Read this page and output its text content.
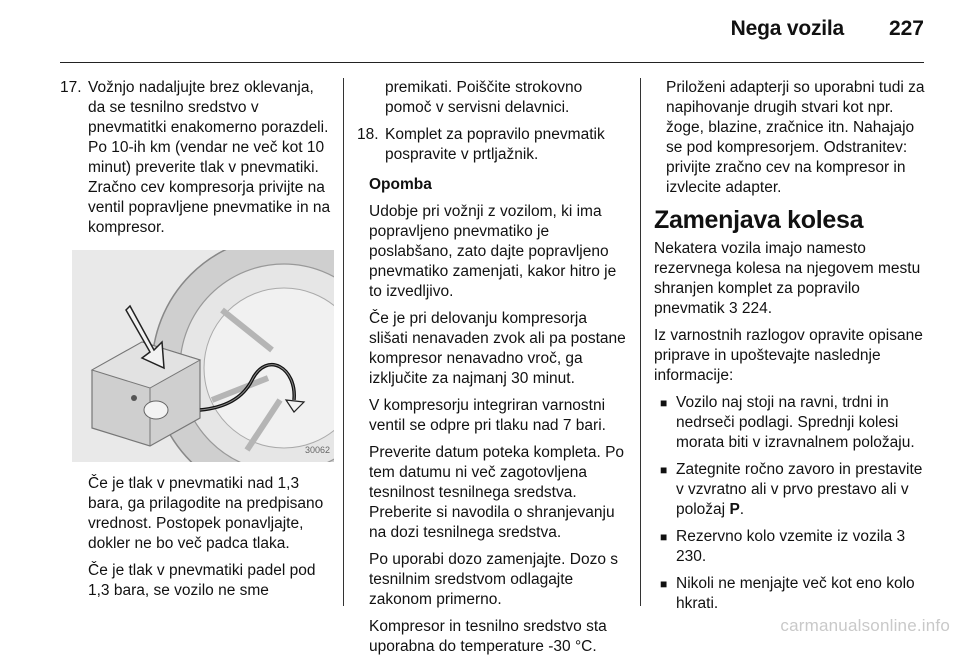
Nega vozila 227
17. Vožnjo nadaljujte brez oklevanja, da se tesnilno sredstvo v pnevmatitki enakomerno porazdeli. Po 10-ih km (vendar ne več kot 10 minut) preverite tlak v pnevmatiki. Zračno cev kompresorja privijte na ventil popravljene pnevmatike in na kompresor.
30062

Če je tlak v pnevmatiki nad 1,3 bara, ga prilagodite na predpisano vrednost. Postopek ponavljajte, dokler ne bo več padca tlaka.

Če je tlak v pnevmatiki padel pod 1,3 bara, se vozilo ne sme

premikati. Poiščite strokovno pomoč v servisni delavnici.

18. Komplet za popravilo pnevmatik pospravite v prtljažnik.

Opomba

Udobje pri vožnji z vozilom, ki ima popravljeno pnevmatiko je poslabšano, zato dajte popravljeno pnevmatiko zamenjati, kakor hitro je to izvedljivo.

Če je pri delovanju kompresorja slišati nenavaden zvok ali pa postane kompresor nenavadno vroč, ga izklјučite za najmanj 30 minut.

V kompresorju integriran varnostni ventil se odpre pri tlaku nad 7 bari.

Preverite datum poteka kompleta. Po tem datumu ni več zagotovljena tesnilnost tesnilnega sredstva. Preberite si navodila o shranjevanju na dozi tesnilnega sredstva.

Po uporabi dozo zamenjajte. Dozo s tesnilnim sredstvom odlagajte zakonom primerno.

Kompresor in tesnilno sredstvo sta uporabna do temperature -30 °C.

Priloženi adapterji so uporabni tudi za napihovanje drugih stvari kot npr. žoge, blazine, zračnice itn. Nahajajo se pod kompresorjem. Odstranitev: privijte zračno cev na kompresor in izvlecite adapter.

Zamenjava kolesa

Nekatera vozila imajo namesto rezervnega kolesa na njegovem mestu shranjen komplet za popravilo pnevmatik 3 224.

Iz varnostnih razlogov opravite opisane priprave in upoštevajte naslednje informacije:

■ Vozilo naj stoji na ravni, trdni in nedrseči podlagi. Sprednji kolesi morata biti v izravnalnem položaju.
■ Zategnite ročno zavoro in prestavite v vzvratno ali v prvo prestavo ali v položaj P.
■ Rezervno kolo vzemite iz vozila 3 230.
■ Nikoli ne menjajte več kot eno kolo hkrati.
carmanualsonline.info
